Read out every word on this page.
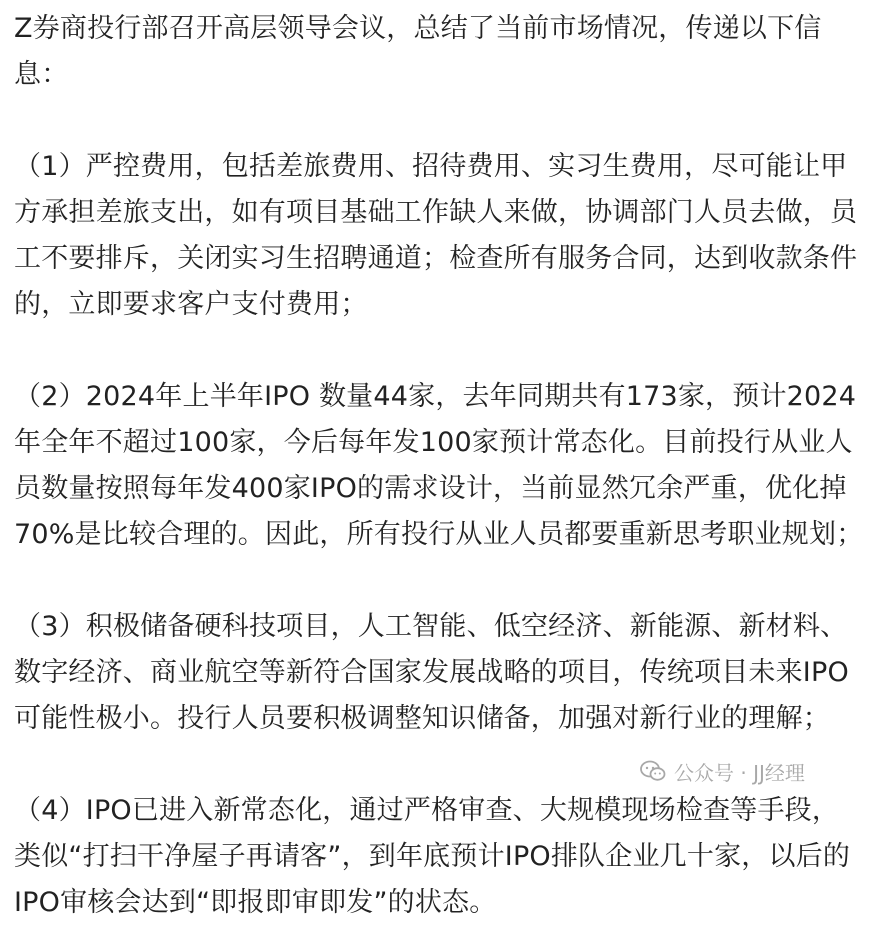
Z券商投行部召开高层领导会议，总结了当前市场情况，传递以下信
息：
（1）严控费用，包括差旅费用、招待费用、实习生费用，尽可能让甲
方承担差旅支出，如有项目基础工作缺人来做，协调部门人员去做，员
工不要排斥，关闭实习生招聘通道；检查所有服务合同，达到收款条件
的，立即要求客户支付费用；
（2）2024年上半年IPO 数量44家，去年同期共有173家，预计2024
年全年不超过100家，今后每年发100家预计常态化。目前投行从业人
员数量按照每年发400家IPO的需求设计，当前显然冗余严重，优化掉
70%是比较合理的。因此，所有投行从业人员都要重新思考职业规划；
（3）积极储备硬科技项目，人工智能、低空经济、新能源、新材料、
数字经济、商业航空等新符合国家发展战略的项目，传统项目未来IPO
可能性极小。投行人员要积极调整知识储备，加强对新行业的理解；
（4）IPO已进入新常态化，通过严格审查、大规模现场检查等手段，
类似“打扫干净屋子再请客”，到年底预计IPO排队企业几十家，以后的
IPO审核会达到“即报即审即发”的状态。
公众号 · JJ经理
